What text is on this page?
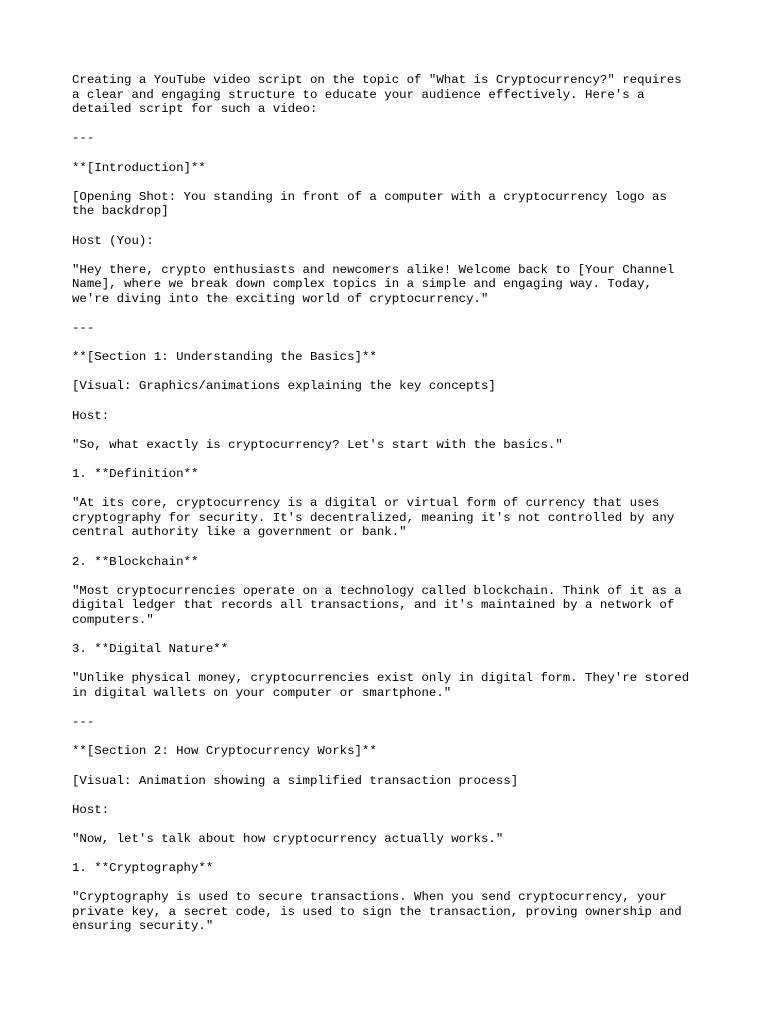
Creating a YouTube video script on the topic of "What is Cryptocurrency?" requires
a clear and engaging structure to educate your audience effectively. Here's a
detailed script for such a video:

---

**[Introduction]**

[Opening Shot: You standing in front of a computer with a cryptocurrency logo as
the backdrop]

Host (You):

"Hey there, crypto enthusiasts and newcomers alike! Welcome back to [Your Channel
Name], where we break down complex topics in a simple and engaging way. Today,
we're diving into the exciting world of cryptocurrency."

---

**[Section 1: Understanding the Basics]**

[Visual: Graphics/animations explaining the key concepts]

Host:

"So, what exactly is cryptocurrency? Let's start with the basics."

1. **Definition**

"At its core, cryptocurrency is a digital or virtual form of currency that uses
cryptography for security. It's decentralized, meaning it's not controlled by any
central authority like a government or bank."

2. **Blockchain**

"Most cryptocurrencies operate on a technology called blockchain. Think of it as a
digital ledger that records all transactions, and it's maintained by a network of
computers."

3. **Digital Nature**

"Unlike physical money, cryptocurrencies exist only in digital form. They're stored
in digital wallets on your computer or smartphone."

---

**[Section 2: How Cryptocurrency Works]**

[Visual: Animation showing a simplified transaction process]

Host:

"Now, let's talk about how cryptocurrency actually works."

1. **Cryptography**

"Cryptography is used to secure transactions. When you send cryptocurrency, your
private key, a secret code, is used to sign the transaction, proving ownership and
ensuring security."
